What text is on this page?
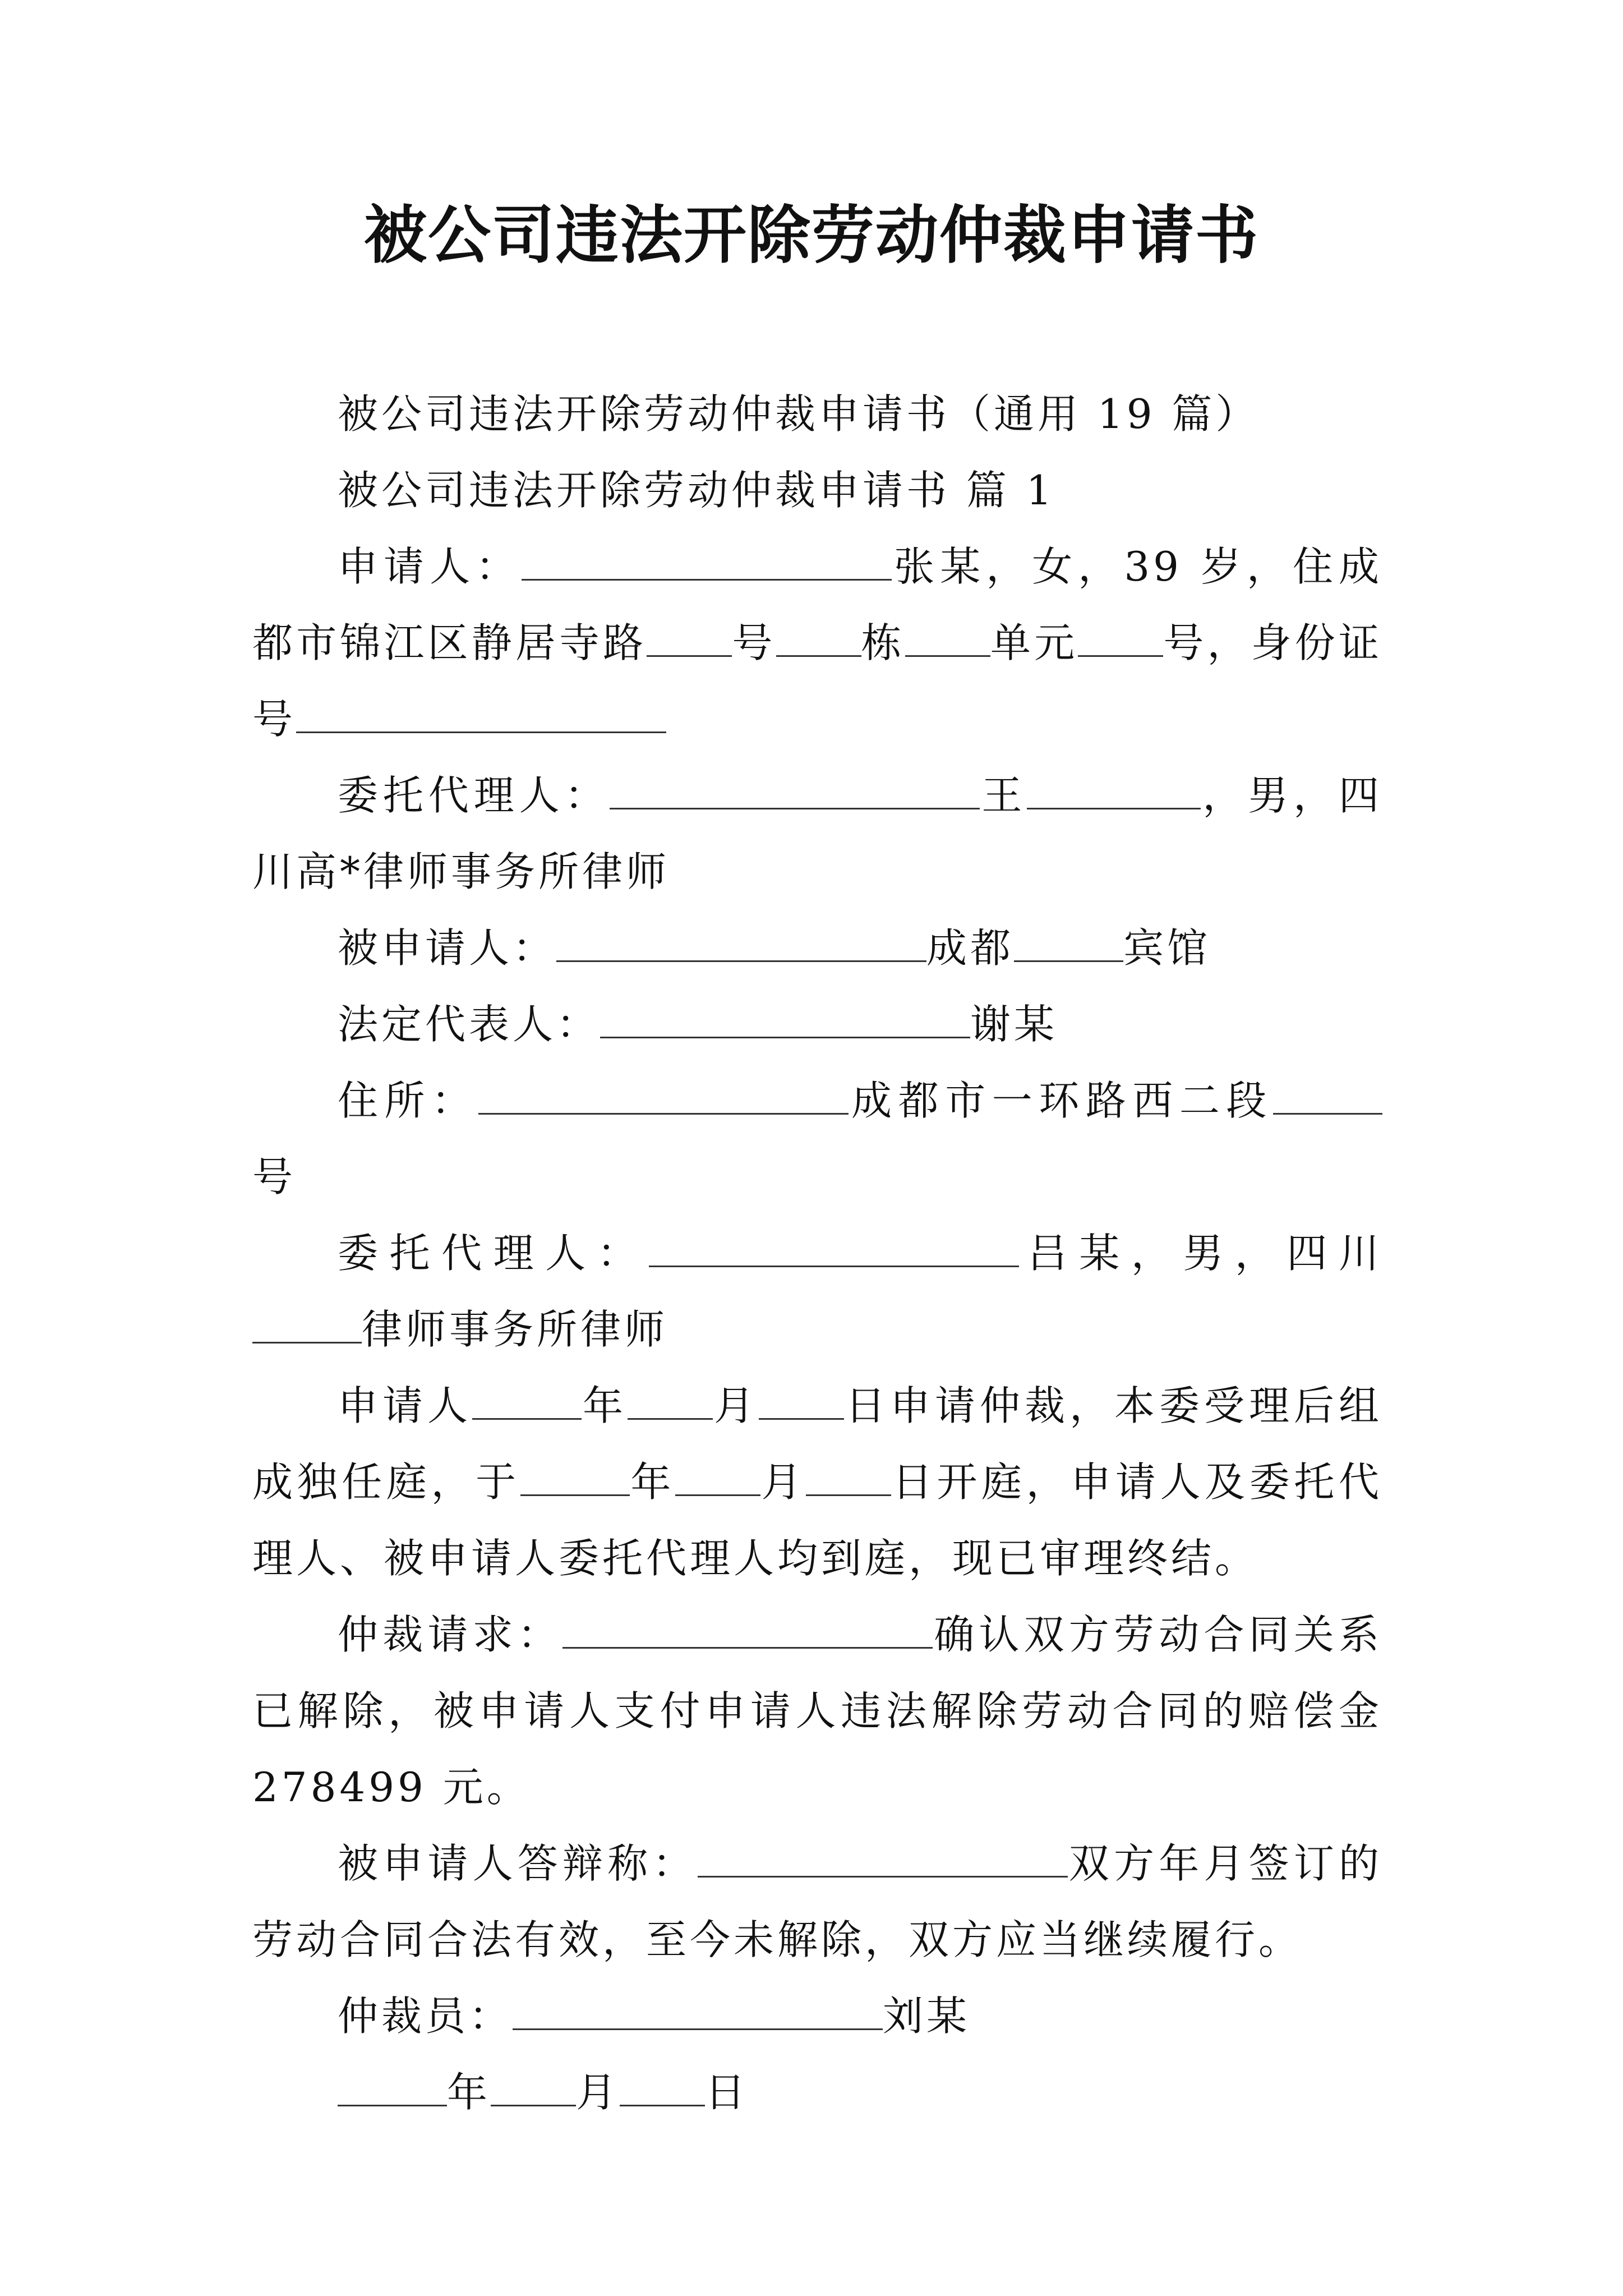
被公司违法开除劳动仲裁申请书

被公司违法开除劳动仲裁申请书（通用 19 篇）

被公司违法开除劳动仲裁申请书 篇 1

申请人：	张某，女，39 岁，住成都市锦江区静居寺路 号 栋 单元 号，身份证号

委托代理人：	王	，男，四川高*律师事务所律师

被申请人：	成都	宾馆

法定代表人：	谢某

住所：	成都市一环路西二段号

委托代理人：	吕某，男，四川律师事务所律师

申请人	年 月 日申请仲裁，本委受理后组成独任庭，于	年 月 日开庭，申请人及委托代理人、被申请人委托代理人均到庭，现已审理终结。

仲裁请求：	确认双方劳动合同关系已解除，被申请人支付申请人违法解除劳动合同的赔偿金 278499 元。

被申请人答辩称：	双方年月签订的劳动合同合法有效，至今未解除，双方应当继续履行。

仲裁员：	刘某

年 月 日
